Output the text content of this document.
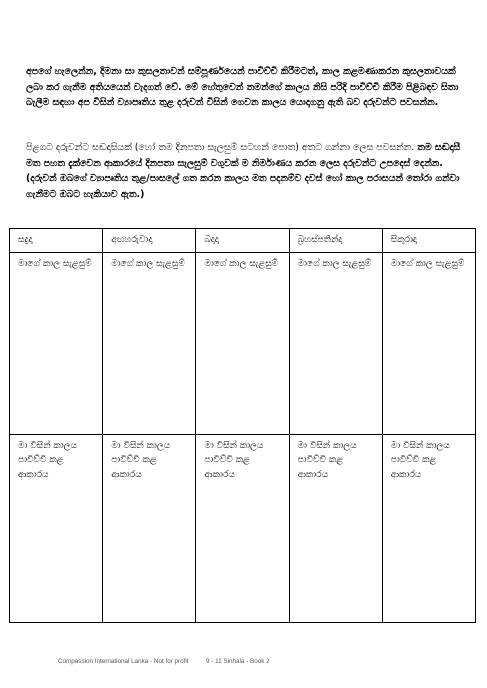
අපගේ හැලෙන්න, දිමනා සා කුසලතාවන් සම්පූර්ණයෙන් පාවිච්චි කිරීමටත්, කාල කළමණාකරන කුසලතාවයක් ලබා කර ගැනීම අතියයෙන් වැදගත් වේ. මේ හේතුවෙන් තමන්ගේ කාලය නිසි පරිදි පාවිච්චි කිරීම පිළිබඳව සිතා බැලීම සඳහා අප විසින් ව්‍යාපෘතිය තුළ දරුවන් විසින් ගෙවන කාලය යොදාගනු ඇති බව දරුවන්ට පවසන්න.
පිළගට දරුවන්ට සඬදාසියක් (හෝ තම දිනපතා සැලසුම් සටහන් පොත) අතට ගන්නා ලෙස පවසන්න. තම සඬදාසී මත පහත දැක්වෙන ආකාරයේ දිනපතා සැලසුම් වගුවක් ම නිර්මාණය කරන ලෙස දරුවන්ට උපදෙස් දෙන්න. (දරුවන් ඔබගේ ව්‍යාපෘතිය තුළ/පාසලේ ගත කරන කාලය මත පදනම්ව දවස් හෝ කාල පරාසයන් තෝරා ගන්වා ගැනීමට ඔබට හැකියාව ඇත.)
සදුදා	අඟහරුවාදා	බදාදා	බ්‍රහස්පතින්දා	සිකුරාදා
මාගේ කාල සැළසුම්	මාගේ කාල සැළසුම්	මාගේ කාල සැළසුම්	මාගේ කාල සැළසුම්	මාගේ කාල සැළසුම්
මා විසින් කාලය පාවිච්චි කළ ආකාරය	මා විසින් කාලය පාවිච්චි කළ ආකාරය	මා විසින් කාලය පාවිච්චි කළ ආකාරය	මා විසින් කාලය පාවිච්චි කළ ආකාරය	මා විසින් කාලය පාවිච්චි කළ ආකාරය
Compassion International Lanka - Not for profit          9 - 11 Sinhala - Book 2
